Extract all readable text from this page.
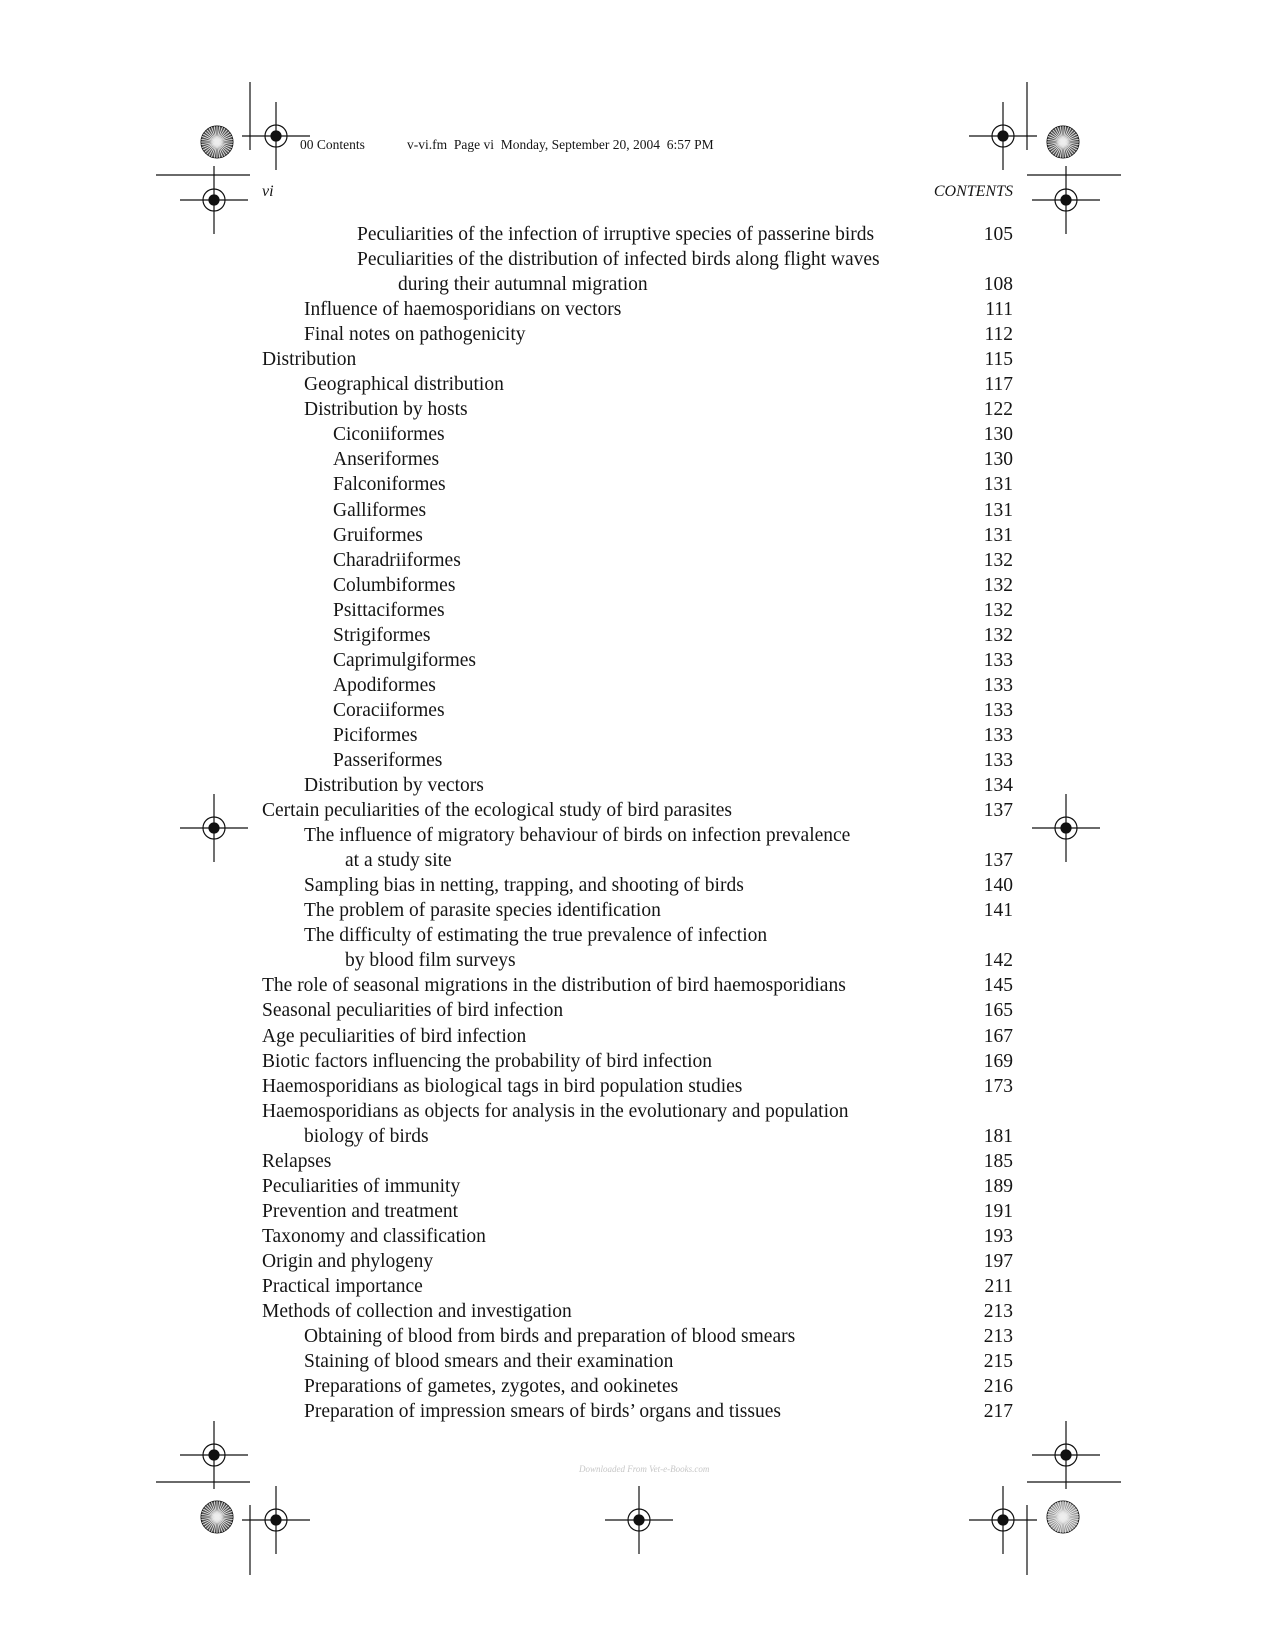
00 Contents	v-vi.fm  Page vi  Monday, September 20, 2004  6:57 PM
vi	CONTENTS
Peculiarities of the infection of irruptive species of passerine birds	105
Peculiarities of the distribution of infected birds along flight waves
during their autumnal migration	108
Influence of haemosporidians on vectors	111
Final notes on pathogenicity	112
Distribution	115
Geographical distribution	117
Distribution by hosts	122
Ciconiiformes	130
Anseriformes	130
Falconiformes	131
Galliformes	131
Gruiformes	131
Charadriiformes	132
Columbiformes	132
Psittaciformes	132
Strigiformes	132
Caprimulgiformes	133
Apodiformes	133
Coraciiformes	133
Piciformes	133
Passeriformes	133
Distribution by vectors	134
Certain peculiarities of the ecological study of bird parasites	137
The influence of migratory behaviour of birds on infection prevalence
at a study site	137
Sampling bias in netting, trapping, and shooting of birds	140
The problem of parasite species identification	141
The difficulty of estimating the true prevalence of infection
by blood film surveys	142
The role of seasonal migrations in the distribution of bird haemosporidians	145
Seasonal peculiarities of bird infection	165
Age peculiarities of bird infection	167
Biotic factors influencing the probability of bird infection	169
Haemosporidians as biological tags in bird population studies	173
Haemosporidians as objects for analysis in the evolutionary and population
biology of birds	181
Relapses	185
Peculiarities of immunity	189
Prevention and treatment	191
Taxonomy and classification	193
Origin and phylogeny	197
Practical importance	211
Methods of collection and investigation	213
Obtaining of blood from birds and preparation of blood smears	213
Staining of blood smears and their examination	215
Preparations of gametes, zygotes, and ookinetes	216
Preparation of impression smears of birds’ organs and tissues	217
Downloaded From Vet-e-Books.com
